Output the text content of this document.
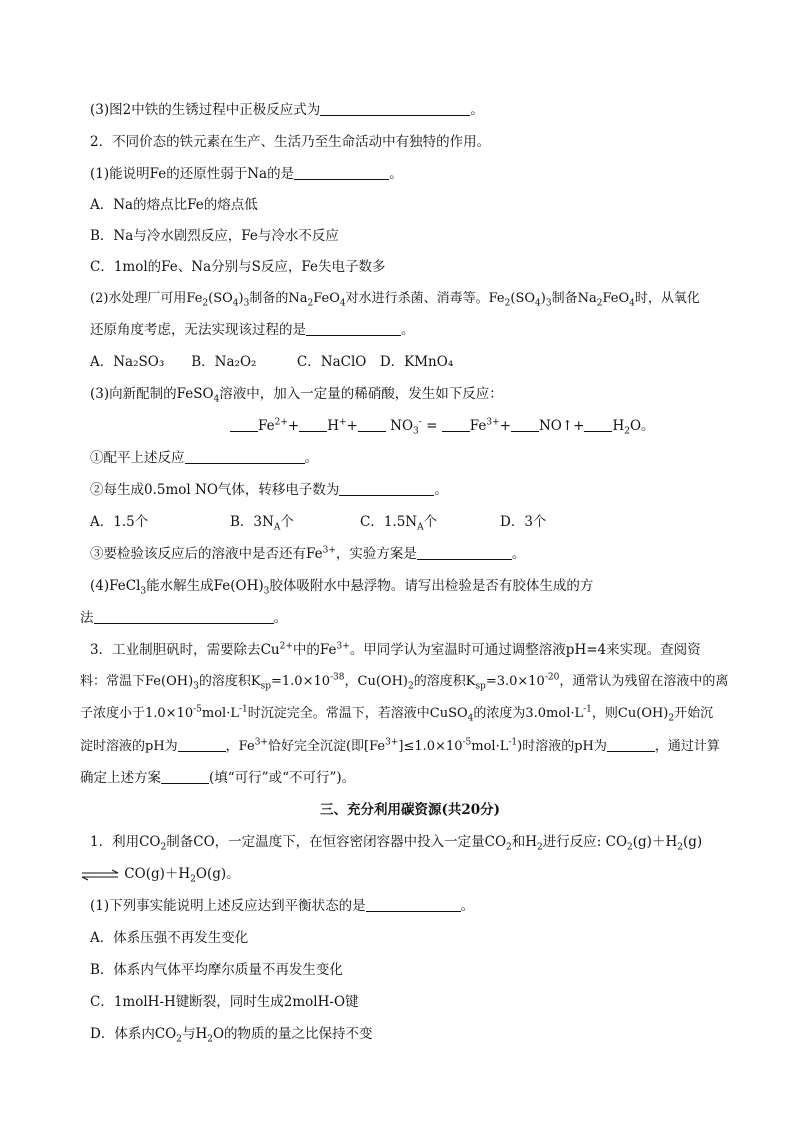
(3)图2中铁的生锈过程中正极反应式为	。
2．不同价态的铁元素在生产、生活乃至生命活动中有独特的作用。
(1)能说明Fe的还原性弱于Na的是	。
A．Na的熔点比Fe的熔点低
B．Na与冷水剧烈反应，Fe与冷水不反应
C．1mol的Fe、Na分别与S反应，Fe失电子数多
(2)水处理厂可用$Fe_2(SO_4)_3$制备的$Na_2FeO_4$对水进行杀菌、消毒等。$Fe_2(SO_4)_3$制备$Na_2FeO_4$时，从氧化
还原角度考虑，无法实现该过程的是	。
A．Na₂SO₃　　B．Na₂O₂　　　C．NaClO　D．KMnO₄
(3)向新配制的FeSO$_4$溶液中，加入一定量的稀硝酸，发生如下反应：
$Fe^{2+}+ H^++ NO_3^- = Fe^{3+}+$ NO↑+ $H_2O$。
①配平上述反应	。
②每生成0.5mol NO气体，转移电子数为	。
A．1.5个	B．$3N_A$个	C．$1.5N_A$个	D．3个
③要检验该反应后的溶液中是否还有$Fe^{3+}$，实验方案是	。
(4)FeCl$_3$能水解生成$Fe(OH)_3$胶体吸附水中悬浮物。请写出检验是否有胶体生成的方
法	。
3．工业制胆矾时，需要除去$Cu^{2+}$中的$Fe^{3+}$。甲同学认为室温时可通过调整溶液pH=4来实现。查阅资
料：常温下$Fe(OH)_3$的溶度积$K_{sp}=1.0\times 10^{-38}$，$Cu(OH)_2$的溶度积$K_{sp}=3.0\times 10^{-20}$，通常认为残留在溶液中的离
子浓度小于$1.0\times 10^{-5}mol\cdot L^{-1}$时沉淀完全。常温下，若溶液中CuSO$_4$的浓度为$3.0mol\cdot L^{-1}$，则$Cu(OH)_2$开始沉
淀时溶液的pH为	，$Fe^{3+}$恰好完全沉淀(即$[Fe^{3+}]\le 1.0\times 10^{-5}mol\cdot L^{-1}$)时溶液的pH为	，通过计算
确定上述方案	(填“可行”或“不可行”)。
三、充分利用碳资源(共20分)
1．利用$CO_2$制备CO，一定温度下，在恒容密闭容器中投入一定量$CO_2$和$H_2$进行反应: $CO_2(g)+H_2(g)$
⇌ $CO(g)+H_2O(g)$。
(1)下列事实能说明上述反应达到平衡状态的是	。
A．体系压强不再发生变化
B．体系内气体平均摩尔质量不再发生变化
C．1molH-H键断裂，同时生成2molH-O键
D．体系内$CO_2$与$H_2O$的物质的量之比保持不变
